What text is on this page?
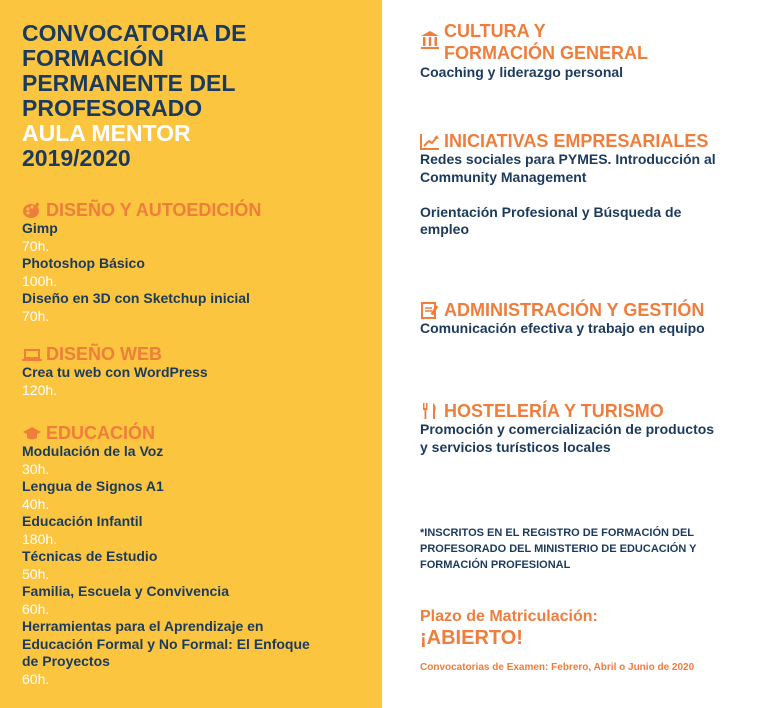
CONVOCATORIA DE
FORMACIÓN
PERMANENTE DEL
PROFESORADO
AULA MENTOR
2019/2020
DISEÑO Y AUTOEDICIÓN
Gimp
70h.
Photoshop Básico
100h.
Diseño en 3D con Sketchup inicial
70h.
DISEÑO WEB
Crea tu web con WordPress
120h.
EDUCACIÓN
Modulación de la Voz
30h.
Lengua de Signos A1
40h.
Educación Infantil
180h.
Técnicas de Estudio
50h.
Familia, Escuela y Convivencia
60h.
Herramientas para el Aprendizaje en
Educación Formal y No Formal: El Enfoque
de Proyectos
60h.
CULTURA Y
FORMACIÓN GENERAL
Coaching y liderazgo personal
60h.
INICIATIVAS EMPRESARIALES
Redes sociales para PYMES. Introducción al
Community Management
100h.
Orientación Profesional y Búsqueda de
empleo
70h.
ADMINISTRACIÓN Y GESTIÓN
Comunicación efectiva y trabajo en equipo
60h.
HOSTELERÍA Y TURISMO
Promoción y comercialización de productos
y servicios turísticos locales
90h.
*INSCRITOS EN EL REGISTRO DE FORMACIÓN DEL
PROFESORADO DEL MINISTERIO DE EDUCACIÓN Y
FORMACIÓN PROFESIONAL
Plazo de Matriculación:
¡ABIERTO!
Convocatorias de Examen: Febrero, Abril o Junio de 2020
